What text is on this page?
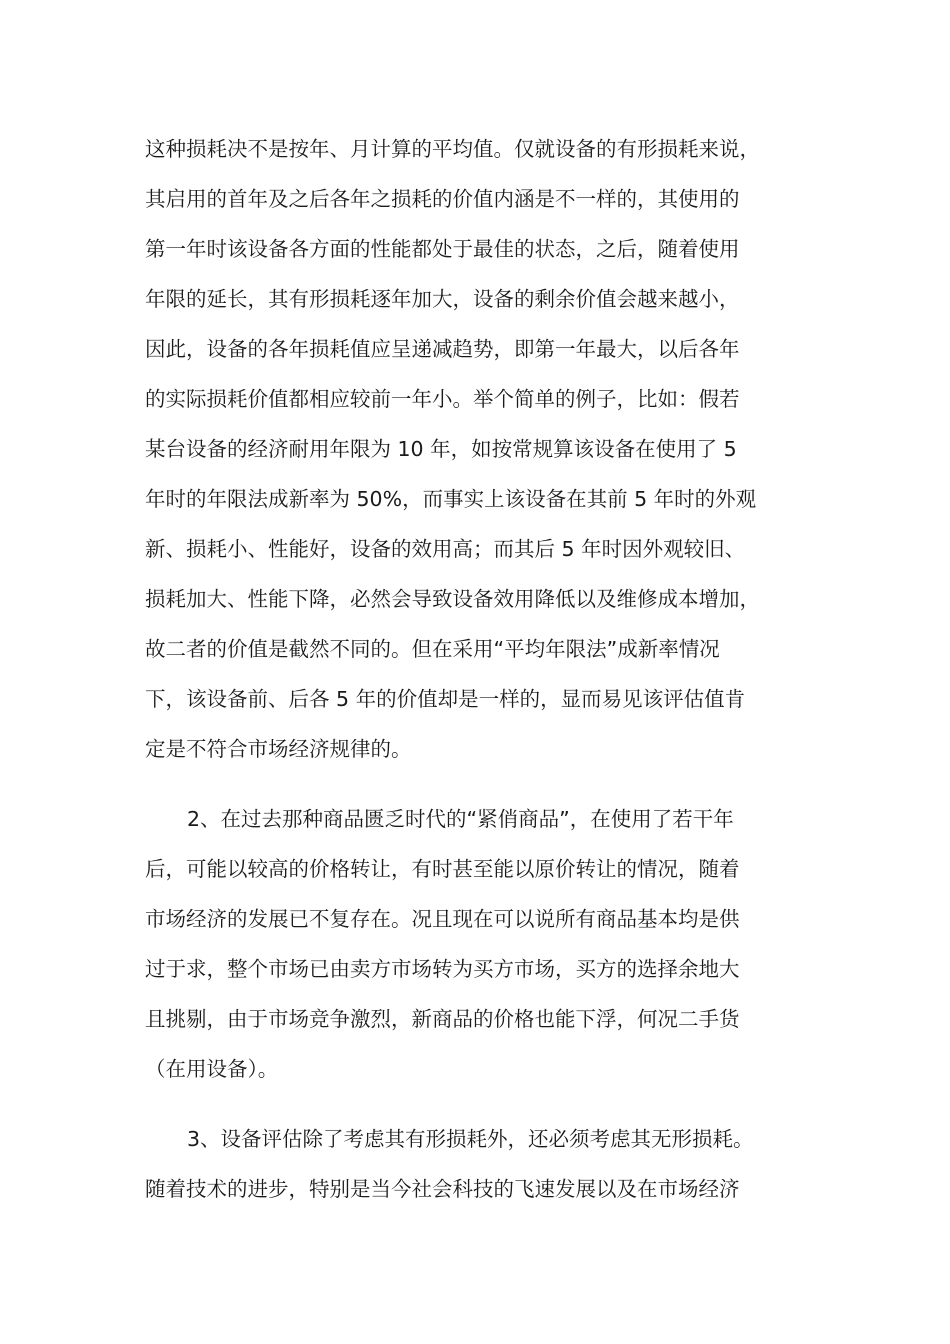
这种损耗决不是按年、月计算的平均值。仅就设备的有形损耗来说，
其启用的首年及之后各年之损耗的价值内涵是不一样的，其使用的
第一年时该设备各方面的性能都处于最佳的状态，之后，随着使用
年限的延长，其有形损耗逐年加大，设备的剩余价值会越来越小，
因此，设备的各年损耗值应呈递减趋势，即第一年最大，以后各年
的实际损耗价值都相应较前一年小。举个简单的例子，比如：假若
某台设备的经济耐用年限为 10 年，如按常规算该设备在使用了 5
年时的年限法成新率为 50%，而事实上该设备在其前 5 年时的外观
新、损耗小、性能好，设备的效用高；而其后 5 年时因外观较旧、
损耗加大、性能下降，必然会导致设备效用降低以及维修成本增加，
故二者的价值是截然不同的。但在采用“平均年限法”成新率情况
下，该设备前、后各 5 年的价值却是一样的，显而易见该评估值肯
定是不符合市场经济规律的。
2、在过去那种商品匮乏时代的“紧俏商品”，在使用了若干年
后，可能以较高的价格转让，有时甚至能以原价转让的情况，随着
市场经济的发展已不复存在。况且现在可以说所有商品基本均是供
过于求，整个市场已由卖方市场转为买方市场，买方的选择余地大
且挑剔，由于市场竞争激烈，新商品的价格也能下浮，何况二手货
（在用设备）。
3、设备评估除了考虑其有形损耗外，还必须考虑其无形损耗。
随着技术的进步，特别是当今社会科技的飞速发展以及在市场经济
